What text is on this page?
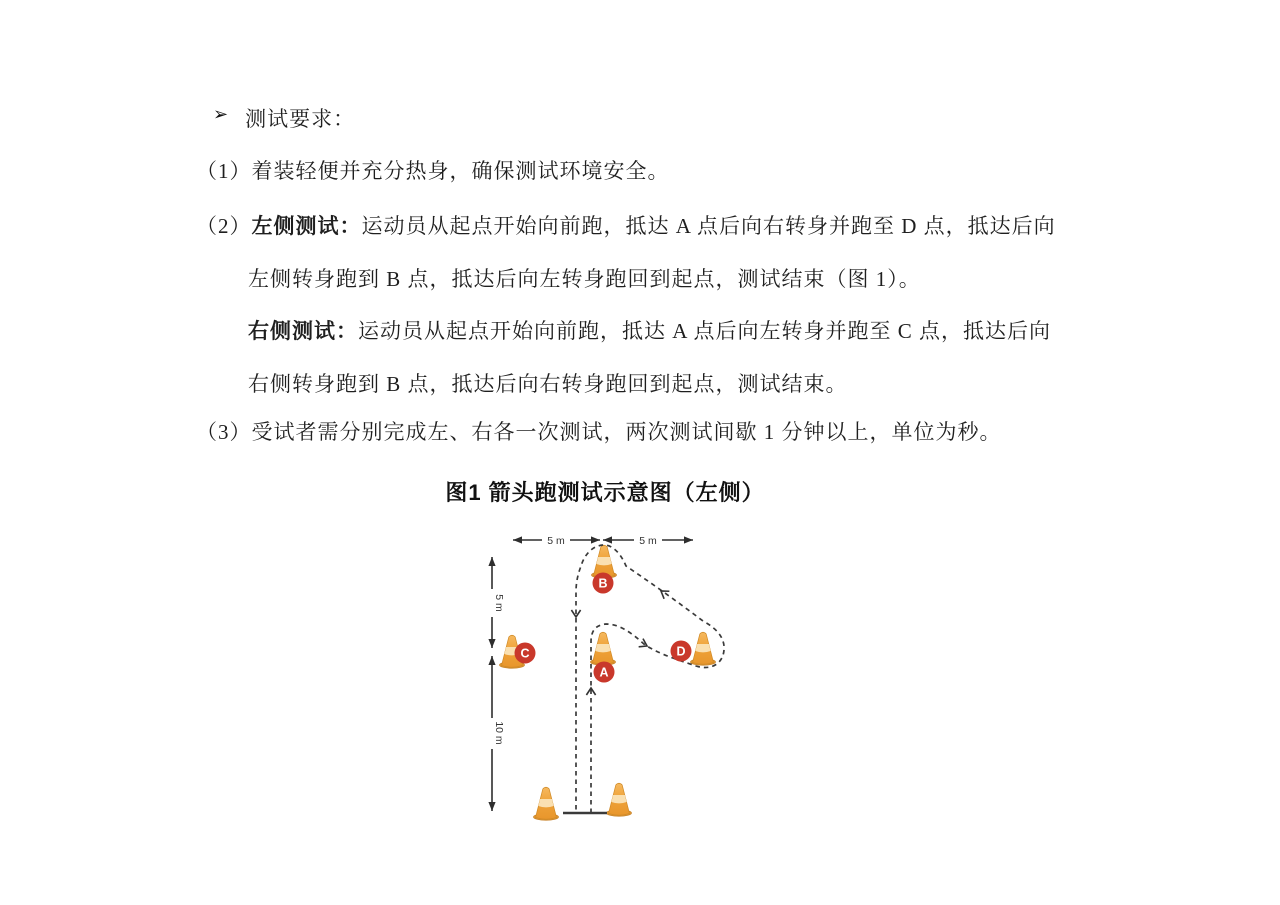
➢ 测试要求：
（1）着装轻便并充分热身，确保测试环境安全。
（2）左侧测试：运动员从起点开始向前跑，抵达 A 点后向右转身并跑至 D 点，抵达后向
左侧转身跑到 B 点，抵达后向左转身跑回到起点，测试结束（图 1）。
右侧测试：运动员从起点开始向前跑，抵达 A 点后向左转身并跑至 C 点，抵达后向
右侧转身跑到 B 点，抵达后向右转身跑回到起点，测试结束。
（3）受试者需分别完成左、右各一次测试，两次测试间歇 1 分钟以上，单位为秒。
图1 箭头跑测试示意图（左侧）
5 m	5 m
5 m
10 m
B
C
A
D
